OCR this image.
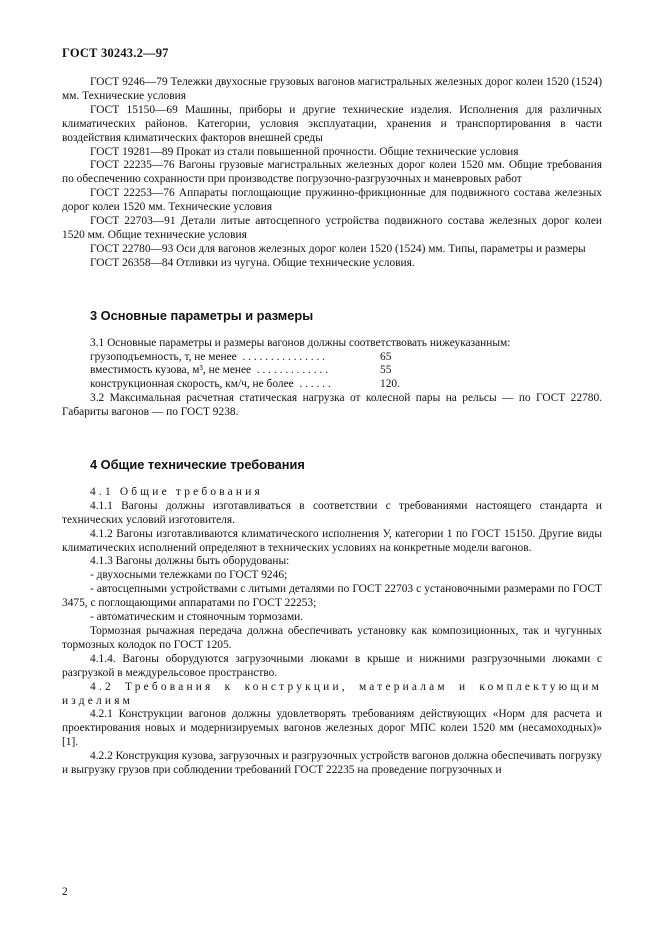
ГОСТ 30243.2—97

ГОСТ 9246—79 Тележки двухосные грузовых вагонов магистральных железных дорог колеи 1520 (1524) мм. Технические условия

ГОСТ 15150—69 Машины, приборы и другие технические изделия. Исполнения для различных климатических районов. Категории, условия эксплуатации, хранения и транспортирования в части воздействия климатических факторов внешней среды

ГОСТ 19281—89 Прокат из стали повышенной прочности. Общие технические условия

ГОСТ 22235—76 Вагоны грузовые магистральных железных дорог колеи 1520 мм. Общие требования по обеспечению сохранности при производстве погрузочно-разгрузочных и маневровых работ

ГОСТ 22253—76 Аппараты поглощающие пружинно-фрикционные для подвижного состава железных дорог колеи 1520 мм. Технические условия

ГОСТ 22703—91 Детали литые автосцепного устройства подвижного состава железных дорог колеи 1520 мм. Общие технические условия

ГОСТ 22780—93 Оси для вагонов железных дорог колеи 1520 (1524) мм. Типы, параметры и размеры

ГОСТ 26358—84 Отливки из чугуна. Общие технические условия.

3 Основные параметры и размеры

3.1 Основные параметры и размеры вагонов должны соответствовать нижеуказанным:

грузоподъемность, т, не менее  . . . . . . . . . . . . . . .	65
вместимость кузова, м³, не менее  . . . . . . . . . . . . .	55
конструкционная скорость, км/ч, не более  . . . . . .	120.

3.2 Максимальная расчетная статическая нагрузка от колесной пары на рельсы — по ГОСТ 22780. Габариты вагонов — по ГОСТ 9238.

4 Общие технические требования

4.1 Общие требования

4.1.1 Вагоны должны изготавливаться в соответствии с требованиями настоящего стандарта и технических условий изготовителя.

4.1.2 Вагоны изготавливаются климатического исполнения У, категории 1 по ГОСТ 15150. Другие виды климатических исполнений определяют в технических условиях на конкретные модели вагонов.

4.1.3 Вагоны должны быть оборудованы:

- двухосными тележками по ГОСТ 9246;

- автосцепными устройствами с литыми деталями по ГОСТ 22703 с установочными размерами по ГОСТ 3475, с поглощающими аппаратами по ГОСТ 22253;

- автоматическим и стояночным тормозами.

Тормозная рычажная передача должна обеспечивать установку как композиционных, так и чугунных тормозных колодок по ГОСТ 1205.

4.1.4. Вагоны оборудуются загрузочными люками в крыше и нижними разгрузочными люками с разгрузкой в междурельсовое пространство.

4.2 Требования к конструкции, материалам и комплектующим изделиям

4.2.1 Конструкции вагонов должны удовлетворять требованиям действующих «Норм для расчета и проектирования новых и модернизируемых вагонов железных дорог МПС колеи 1520 мм (несамоходных)» [1].

4.2.2 Конструкция кузова, загрузочных и разгрузочных устройств вагонов должна обеспечивать погрузку и выгрузку грузов при соблюдении требований ГОСТ 22235 на проведение погрузочных и

2
